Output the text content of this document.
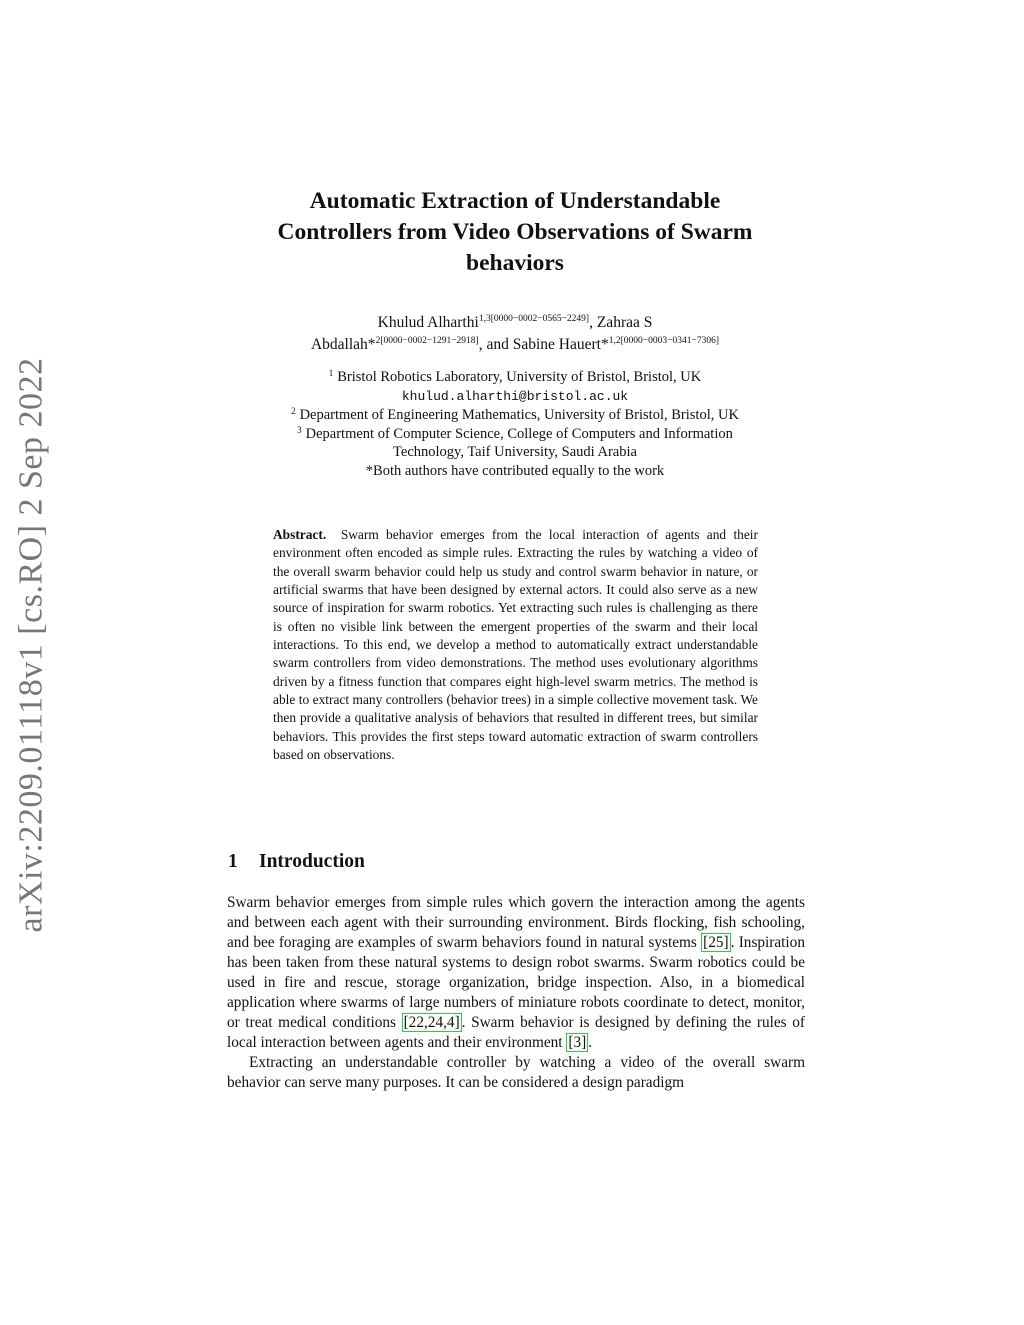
arXiv:2209.01118v1 [cs.RO] 2 Sep 2022
Automatic Extraction of Understandable
Controllers from Video Observations of Swarm
behaviors
Khulud Alharthi$^{1,3[0000-0002-0565-2249]}$, Zahraa S
Abdallah*$^{2[0000-0002-1291-2918]}$, and Sabine Hauert*$^{1,2[0000-0003-0341-7306]}$
$^1$ Bristol Robotics Laboratory, University of Bristol, Bristol, UK
khulud.alharthi@bristol.ac.uk
$^2$ Department of Engineering Mathematics, University of Bristol, Bristol, UK
$^3$ Department of Computer Science, College of Computers and Information
Technology, Taif University, Saudi Arabia
*Both authors have contributed equally to the work
Abstract. Swarm behavior emerges from the local interaction of agents and their environment often encoded as simple rules. Extracting the rules by watching a video of the overall swarm behavior could help us study and control swarm behavior in nature, or artificial swarms that have been designed by external actors. It could also serve as a new source of inspiration for swarm robotics. Yet extracting such rules is challenging as there is often no visible link between the emergent properties of the swarm and their local interactions. To this end, we develop a method to automatically extract understandable swarm controllers from video demonstrations. The method uses evolutionary algorithms driven by a fitness function that compares eight high-level swarm metrics. The method is able to extract many controllers (behavior trees) in a simple collective movement task. We then provide a qualitative analysis of behaviors that resulted in different trees, but similar behaviors. This provides the first steps toward automatic extraction of swarm controllers based on observations.
1 Introduction

Swarm behavior emerges from simple rules which govern the interaction among the agents and between each agent with their surrounding environment. Birds flocking, fish schooling, and bee foraging are examples of swarm behaviors found in natural systems [25] . Inspiration has been taken from these natural systems to design robot swarms. Swarm robotics could be used in fire and rescue, storage organization, bridge inspection. Also, in a biomedical application where swarms of large numbers of miniature robots coordinate to detect, monitor, or treat medical conditions [22,24,4] . Swarm behavior is designed by defining the rules of local interaction between agents and their environment [3] .

Extracting an understandable controller by watching a video of the overall swarm behavior can serve many purposes. It can be considered a design paradigm
